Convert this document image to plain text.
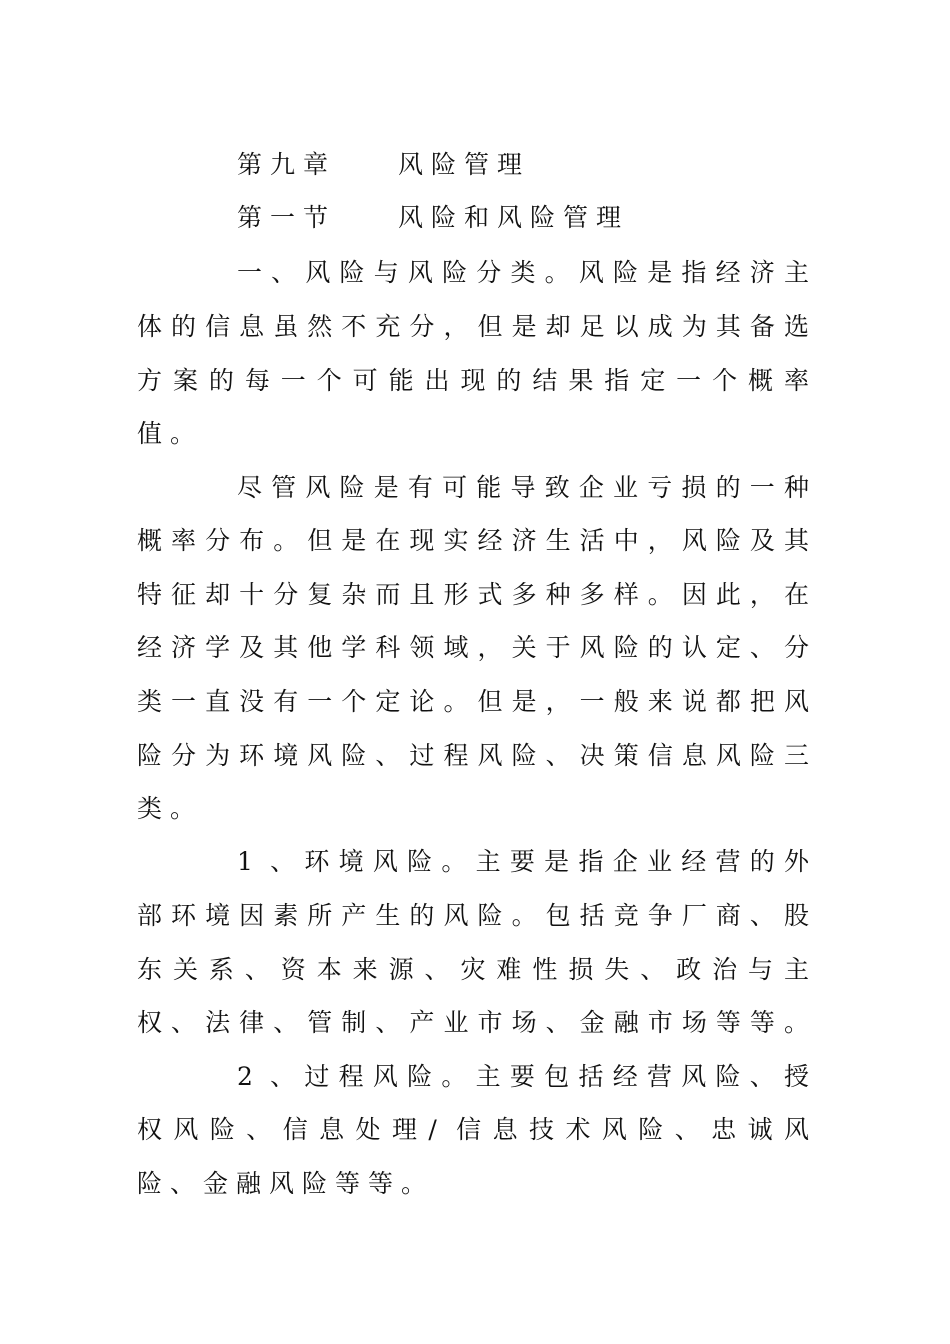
第九章 风险管理
第一节 风险和风险管理
一、风险与风险分类。风险是指经济主
体的信息虽然不充分，但是却足以成为其备选
方案的每一个可能出现的结果指定一个概率
值。
尽管风险是有可能导致企业亏损的一种
概率分布。但是在现实经济生活中，风险及其
特征却十分复杂而且形式多种多样。因此，在
经济学及其他学科领域，关于风险的认定、分
类一直没有一个定论。但是，一般来说都把风
险分为环境风险、过程风险、决策信息风险三
类。
1 、环境风险。主要是指企业经营的外
部环境因素所产生的风险。包括竞争厂商、股
东关系、资本来源、灾难性损失、政治与主
权、法律、管制、产业市场、金融市场等等。
2 、过程风险。主要包括经营风险、授
权风险、信息处理/ 信息技术风险、忠诚风
险、金融风险等等。
